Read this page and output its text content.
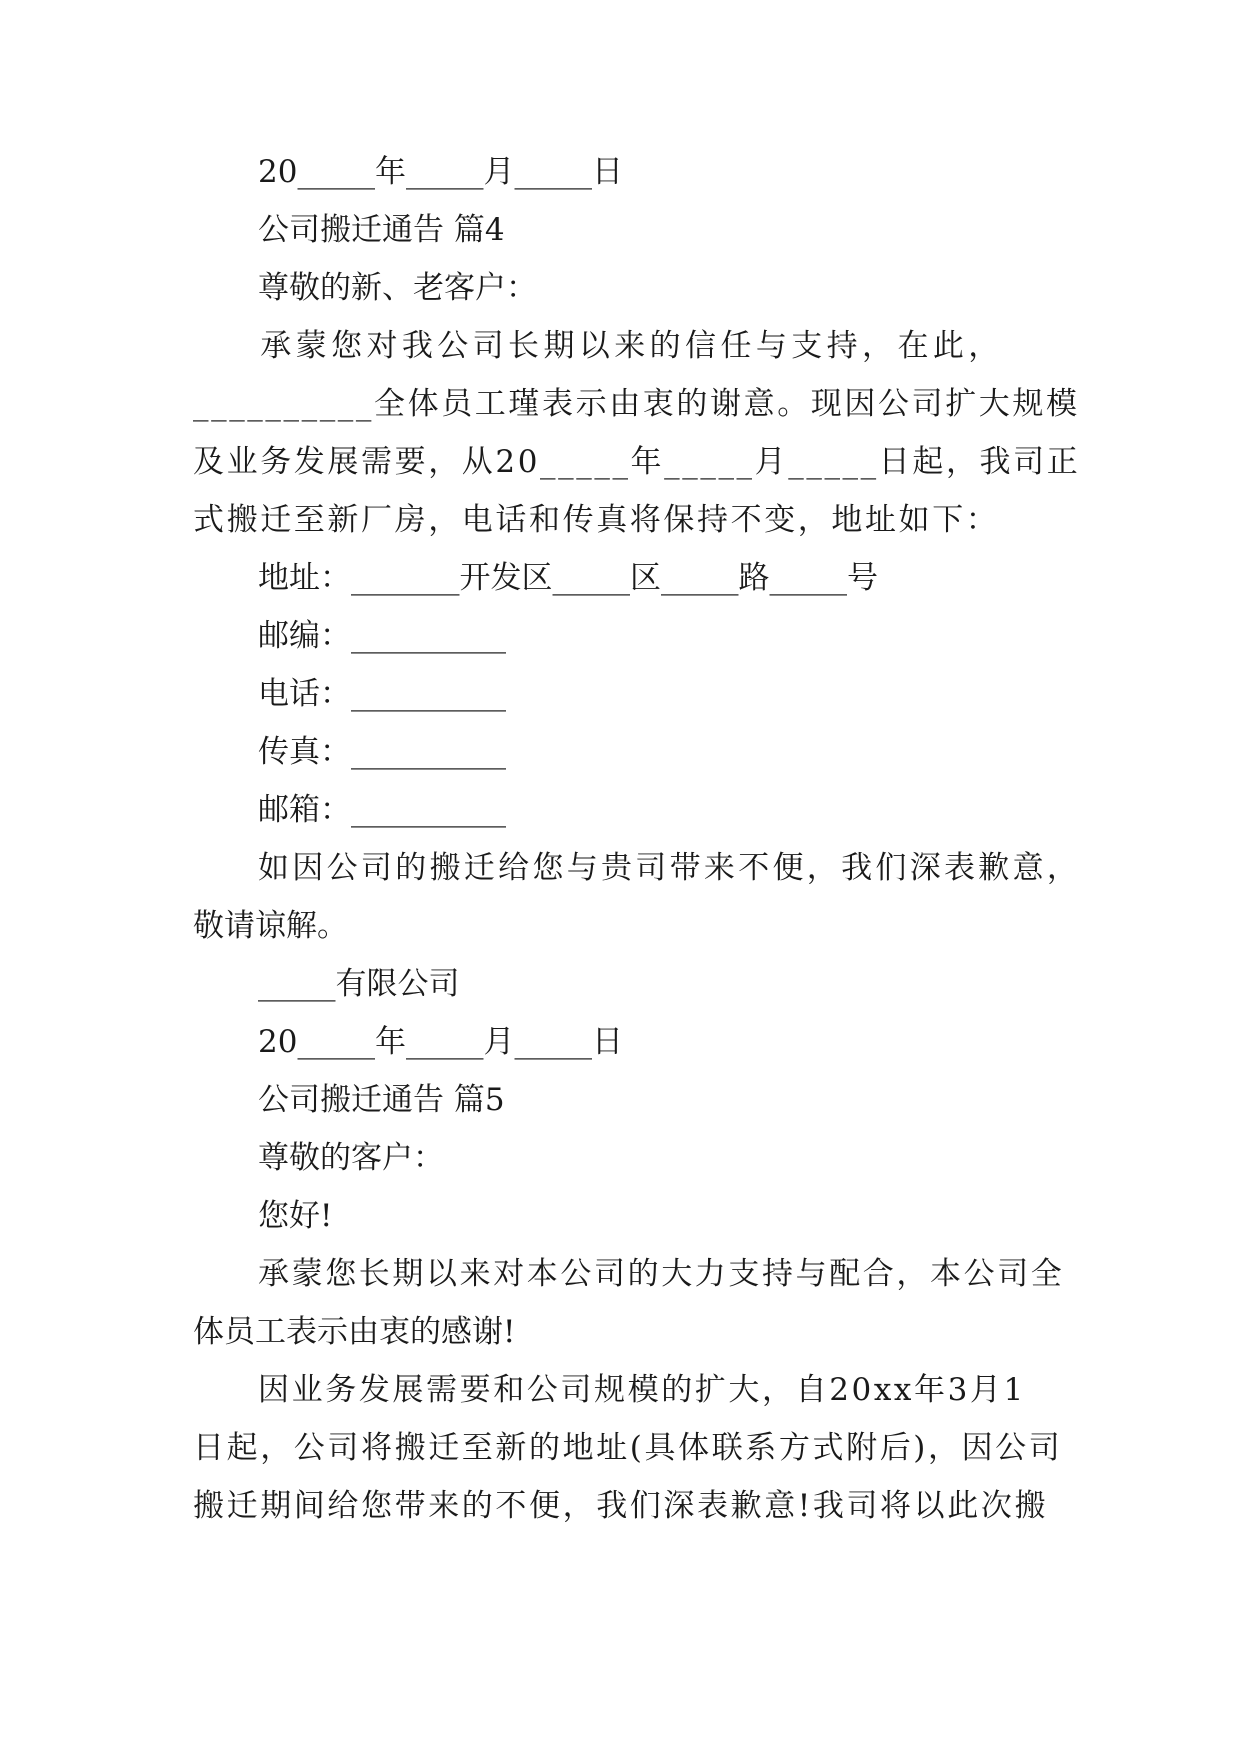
20_____年_____月_____日
公司搬迁通告 篇4
尊敬的新、老客户：
承蒙您对我公司长期以来的信任与支持，在此，
__________全体员工瑾表示由衷的谢意。现因公司扩大规模
及业务发展需要，从20_____年_____月_____日起，我司正
式搬迁至新厂房，电话和传真将保持不变，地址如下：
地址：_______开发区_____区_____路_____号
邮编：__________
电话：__________
传真：__________
邮箱：__________
如因公司的搬迁给您与贵司带来不便，我们深表歉意，
敬请谅解。
_____有限公司
20_____年_____月_____日
公司搬迁通告 篇5
尊敬的客户：
您好!
承蒙您长期以来对本公司的大力支持与配合，本公司全
体员工表示由衷的感谢!
因业务发展需要和公司规模的扩大，自20xx年3月1
日起，公司将搬迁至新的地址(具体联系方式附后)，因公司
搬迁期间给您带来的不便，我们深表歉意!我司将以此次搬
